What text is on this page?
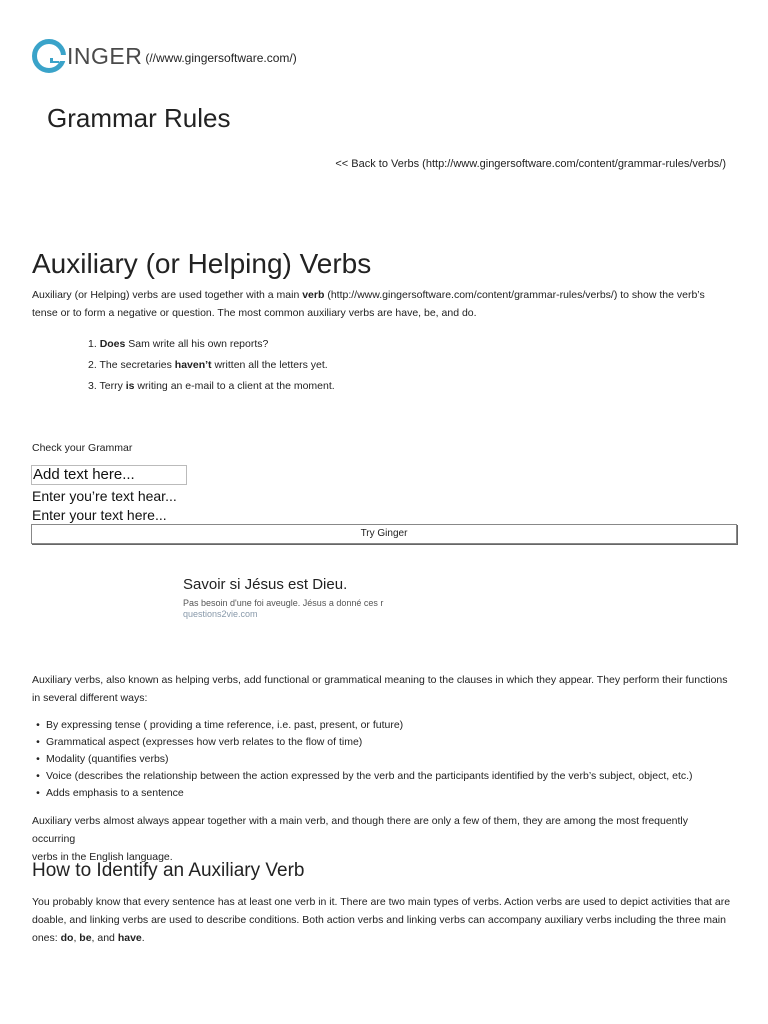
INGER (//www.gingersoftware.com/)
Grammar Rules
<< Back to Verbs (http://www.gingersoftware.com/content/grammar-rules/verbs/)
Auxiliary (or Helping) Verbs
Auxiliary (or Helping) verbs are used together with a main verb (http://www.gingersoftware.com/content/grammar-rules/verbs/) to show the verb’s
tense or to form a negative or question. The most common auxiliary verbs are have, be, and do.
1. Does Sam write all his own reports?
2. The secretaries haven’t written all the letters yet.
3. Terry is writing an e-mail to a client at the moment.
Check your Grammar
Add text here...
Enter you’re text hear...
Enter your text here...
Try Ginger
Savoir si Jésus est Dieu.
Pas besoin d'une foi aveugle. Jésus a donné ces r
questions2vie.com
Auxiliary verbs, also known as helping verbs, add functional or grammatical meaning to the clauses in which they appear. They perform their functions
in several different ways:
• By expressing tense ( providing a time reference, i.e. past, present, or future)
• Grammatical aspect (expresses how verb relates to the flow of time)
• Modality (quantifies verbs)
• Voice (describes the relationship between the action expressed by the verb and the participants identified by the verb’s subject, object, etc.)
• Adds emphasis to a sentence
Auxiliary verbs almost always appear together with a main verb, and though there are only a few of them, they are among the most frequently occurring
verbs in the English language.
How to Identify an Auxiliary Verb
You probably know that every sentence has at least one verb in it. There are two main types of verbs. Action verbs are used to depict activities that are
doable, and linking verbs are used to describe conditions. Both action verbs and linking verbs can accompany auxiliary verbs including the three main
ones: do, be, and have.
